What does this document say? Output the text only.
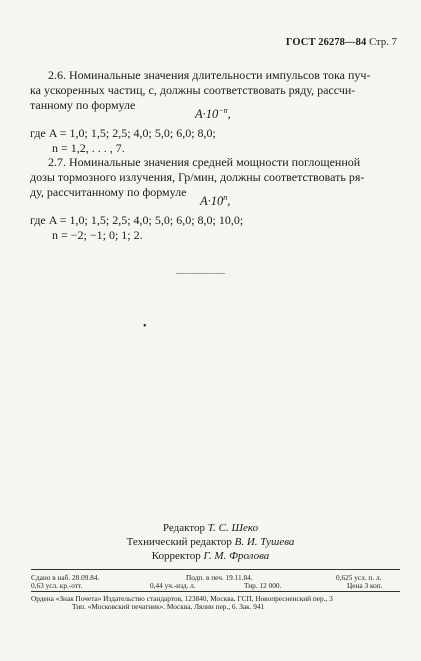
ГОСТ 26278—84 Стр. 7
2.6. Номинальные значения длительности импульсов тока пуч-
ка ускоренных частиц, с, должны соответствовать ряду, рассчи-
танному по формуле
$A\cdot 10^{-n}$,
где A = 1,0; 1,5; 2,5; 4,0; 5,0; 6,0; 8,0;
n = 1,2, . . . , 7.
2.7. Номинальные значения средней мощности поглощенной
дозы тормозного излучения, Гр/мин, должны соответствовать ря-
ду, рассчитанному по формуле
$A\cdot 10^n$,
где A = 1,0; 1,5; 2,5; 4,0; 5,0; 6,0; 8,0; 10,0;
n = −2; −1; 0; 1; 2.
— ——— —
•
Редактор Т. С. Шеко
Технический редактор В. И. Тушева
Корректор Г. М. Фролова
Сдано в наб. 28.09.84.
0,63 усл. кр.-отт.
Подп. в печ. 19.11.84.
0,44 уч.-изд. л.	Тир. 12 000.
0,625 усл. п. л.
Цена 3 коп.
Ордена «Знак Почета» Издательство стандартов, 123840, Москва, ГСП, Новопресненский пер., 3
Тип. «Московский печатник». Москва, Лялин пер., 6. Зак. 941
